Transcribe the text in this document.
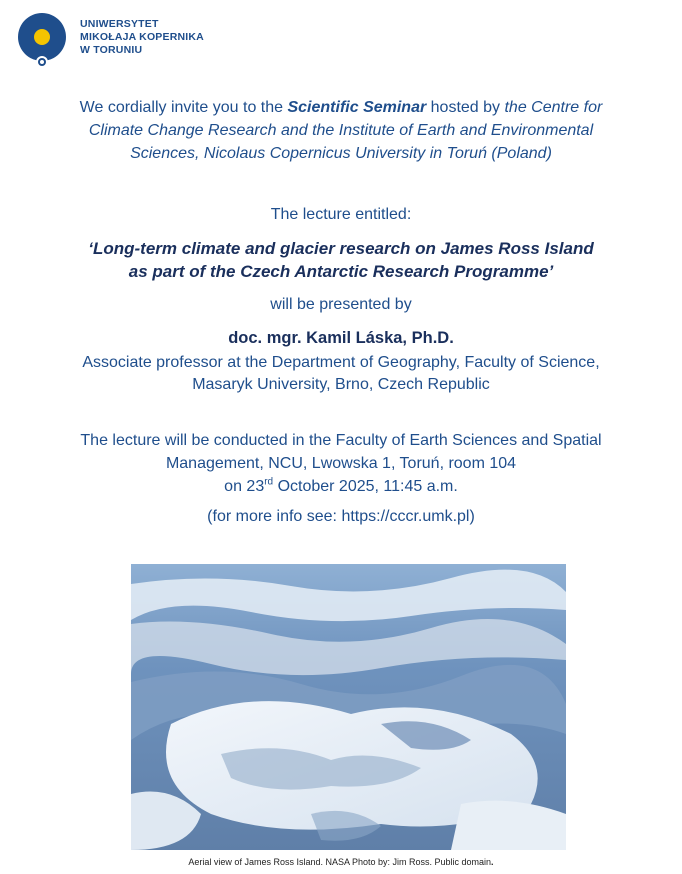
UNIWERSYTET
MIKOŁAJA KOPERNIKA
W TORUNIU
We cordially invite you to the Scientific Seminar hosted by the Centre for
Climate Change Research and the Institute of Earth and Environmental
Sciences, Nicolaus Copernicus University in Toruń (Poland)
The lecture entitled:
‘Long-term climate and glacier research on James Ross Island
as part of the Czech Antarctic Research Programme’
will be presented by
doc. mgr. Kamil Láska, Ph.D.
Associate professor at the Department of Geography, Faculty of Science,
Masaryk University, Brno, Czech Republic
The lecture will be conducted in the Faculty of Earth Sciences and Spatial
Management, NCU, Lwowska 1, Toruń, room 104
on 23rd October 2025, 11:45 a.m.
(for more info see: https://cccr.umk.pl)
Aerial view of James Ross Island. NASA Photo by: Jim Ross. Public domain.
